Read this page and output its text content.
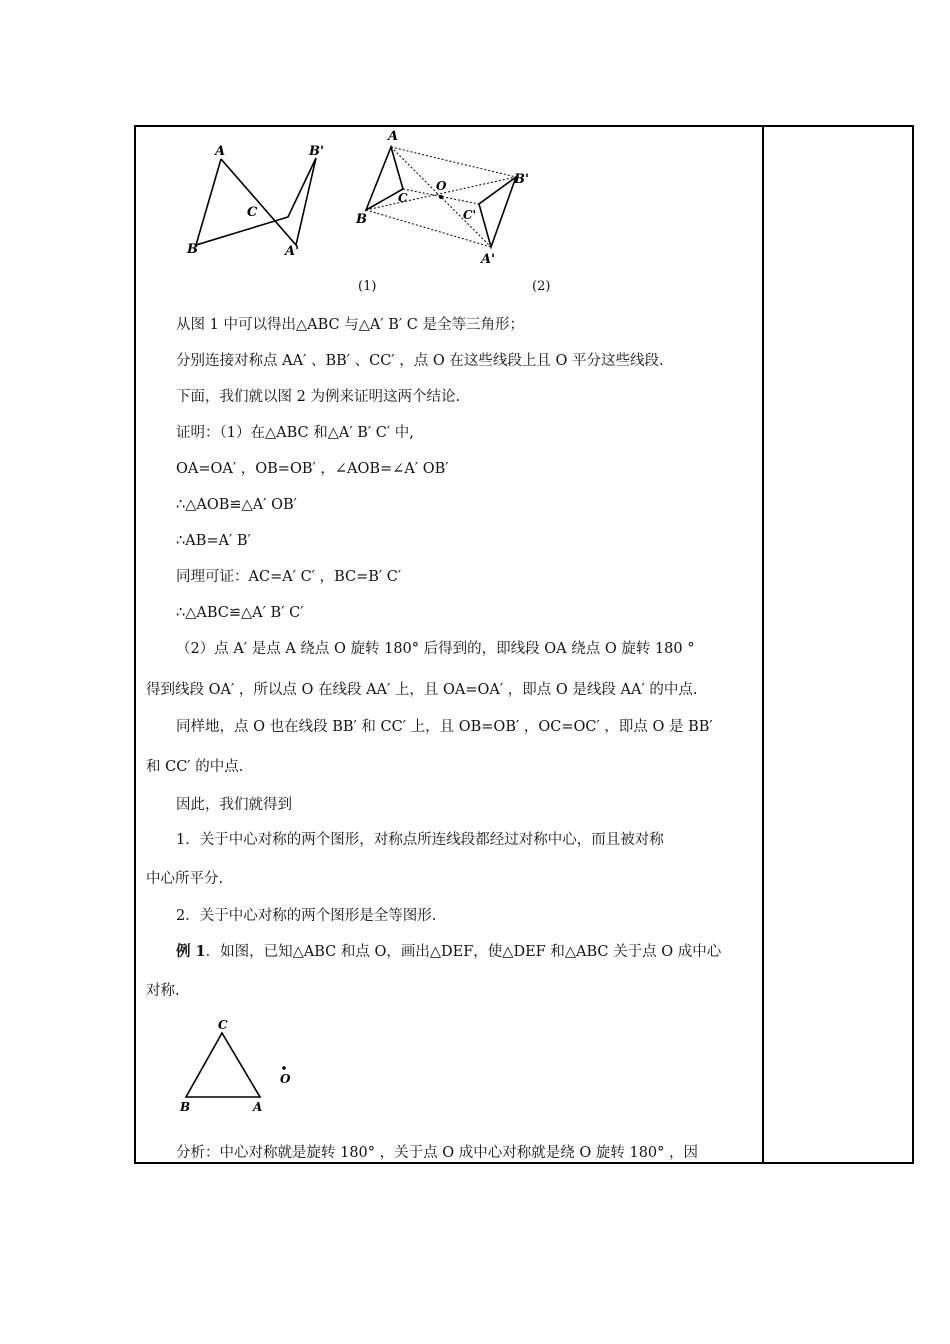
A	B'
C
B	A'
(1)
A
B
C
O
C'
B'
A'
(2)
从图 1 中可以得出△ABC 与△A′ B′ C 是全等三角形；
分别连接对称点 AA′ 、BB′ 、CC′ ，点 O 在这些线段上且 O 平分这些线段.
下面，我们就以图 2 为例来证明这两个结论.
证明：（1）在△ABC 和△A′ B′ C′ 中,
OA=OA′ ，OB=OB′ ，∠AOB=∠A′ OB′
∴△AOB≌△A′ OB′
∴AB=A′ B′
同理可证：AC=A′ C′ ，BC=B′ C′
∴△ABC≌△A′ B′ C′
（2）点 A′ 是点 A 绕点 O 旋转 180° 后得到的，即线段 OA 绕点 O 旋转 180 °
得到线段 OA′ ，所以点 O 在线段 AA′ 上，且 OA=OA′ ，即点 O 是线段 AA′ 的中点.
同样地，点 O 也在线段 BB′ 和 CC′ 上，且 OB=OB′ ，OC=OC′ ，即点 O 是 BB′
和 CC′ 的中点.
因此，我们就得到
1．关于中心对称的两个图形，对称点所连线段都经过对称中心，而且被对称
中心所平分.
2．关于中心对称的两个图形是全等图形.
例 1．如图，已知△ABC 和点 O，画出△DEF，使△DEF 和△ABC 关于点 O 成中心
对称.
C
B	A
O
分析：中心对称就是旋转 180° ，关于点 O 成中心对称就是绕 O 旋转 180° ，因
